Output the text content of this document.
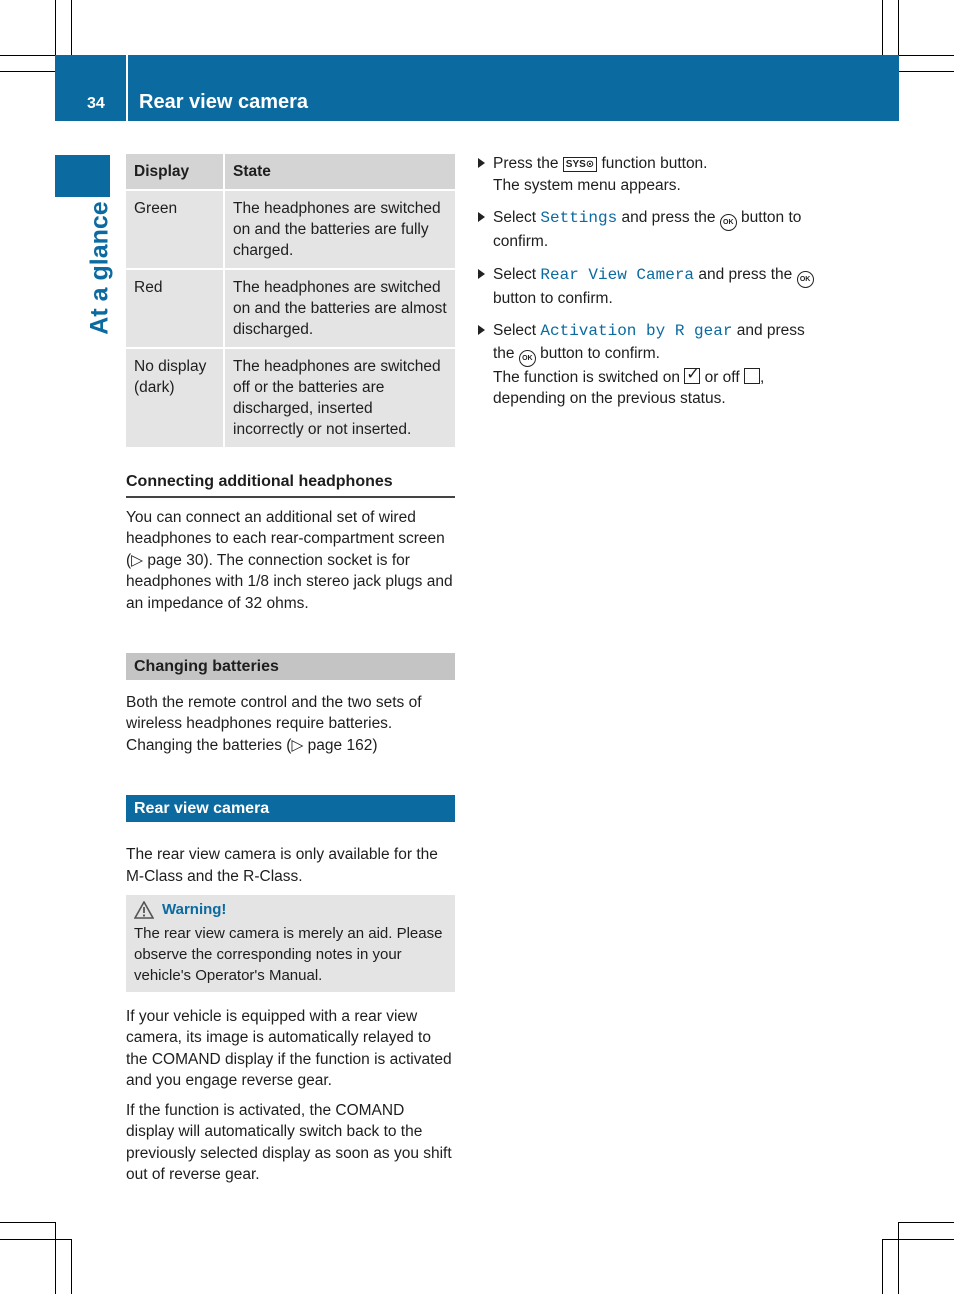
34 Rear view camera
At a glance
Display	State
Green	The headphones are switched on and the batteries are fully charged.
Red	The headphones are switched on and the batteries are almost discharged.
No display (dark)	The headphones are switched off or the batteries are discharged, inserted incorrectly or not inserted.
Connecting additional headphones

You can connect an additional set of wired headphones to each rear-compartment screen (▷ page 30). The connection socket is for headphones with 1/8 inch stereo jack plugs and an impedance of 32 ohms.

Changing batteries

Both the remote control and the two sets of wireless headphones require batteries. Changing the batteries (▷ page 162)

Rear view camera

The rear view camera is only available for the M-Class and the R-Class.

Warning!

The rear view camera is merely an aid. Please observe the corresponding notes in your vehicle's Operator's Manual.

If your vehicle is equipped with a rear view camera, its image is automatically relayed to the COMAND display if the function is activated and you engage reverse gear.

If the function is activated, the COMAND display will automatically switch back to the previously selected display as soon as you shift out of reverse gear.

Press the SYS⊙ function button.
The system menu appears.
Select Settings and press the OK button to confirm.
Select Rear View Camera and press the OK button to confirm.
Select Activation by R gear and press the OK button to confirm.
The function is switched on ✓ or off , depending on the previous status.
